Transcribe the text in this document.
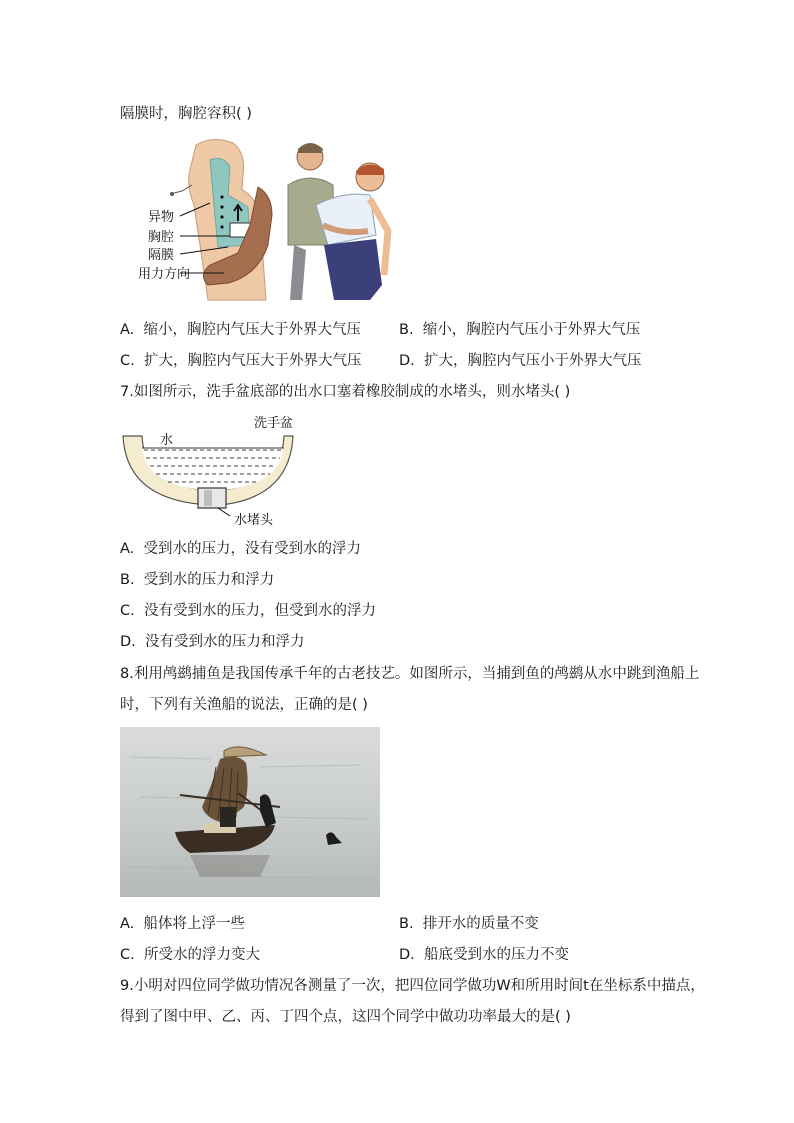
隔膜时，胸腔容积( )
异物
胸腔
隔膜
用力方向
A. 缩小，胸腔内气压大于外界大气压	B. 缩小，胸腔内气压小于外界大气压
C. 扩大，胸腔内气压大于外界大气压	D. 扩大，胸腔内气压小于外界大气压
7.如图所示，洗手盆底部的出水口塞着橡胶制成的水堵头，则水堵头( )
水
洗手盆
水堵头
A. 受到水的压力，没有受到水的浮力
B. 受到水的压力和浮力
C. 没有受到水的压力，但受到水的浮力
D. 没有受到水的压力和浮力
8.利用鸬鹚捕鱼是我国传承千年的古老技艺。如图所示，当捕到鱼的鸬鹚从水中跳到渔船上
时，下列有关渔船的说法，正确的是( )
A. 船体将上浮一些	B. 排开水的质量不变
C. 所受水的浮力变大	D. 船底受到水的压力不变
9.小明对四位同学做功情况各测量了一次，把四位同学做功W和所用时间t在坐标系中描点，
得到了图中甲、乙、丙、丁四个点，这四个同学中做功功率最大的是( )
